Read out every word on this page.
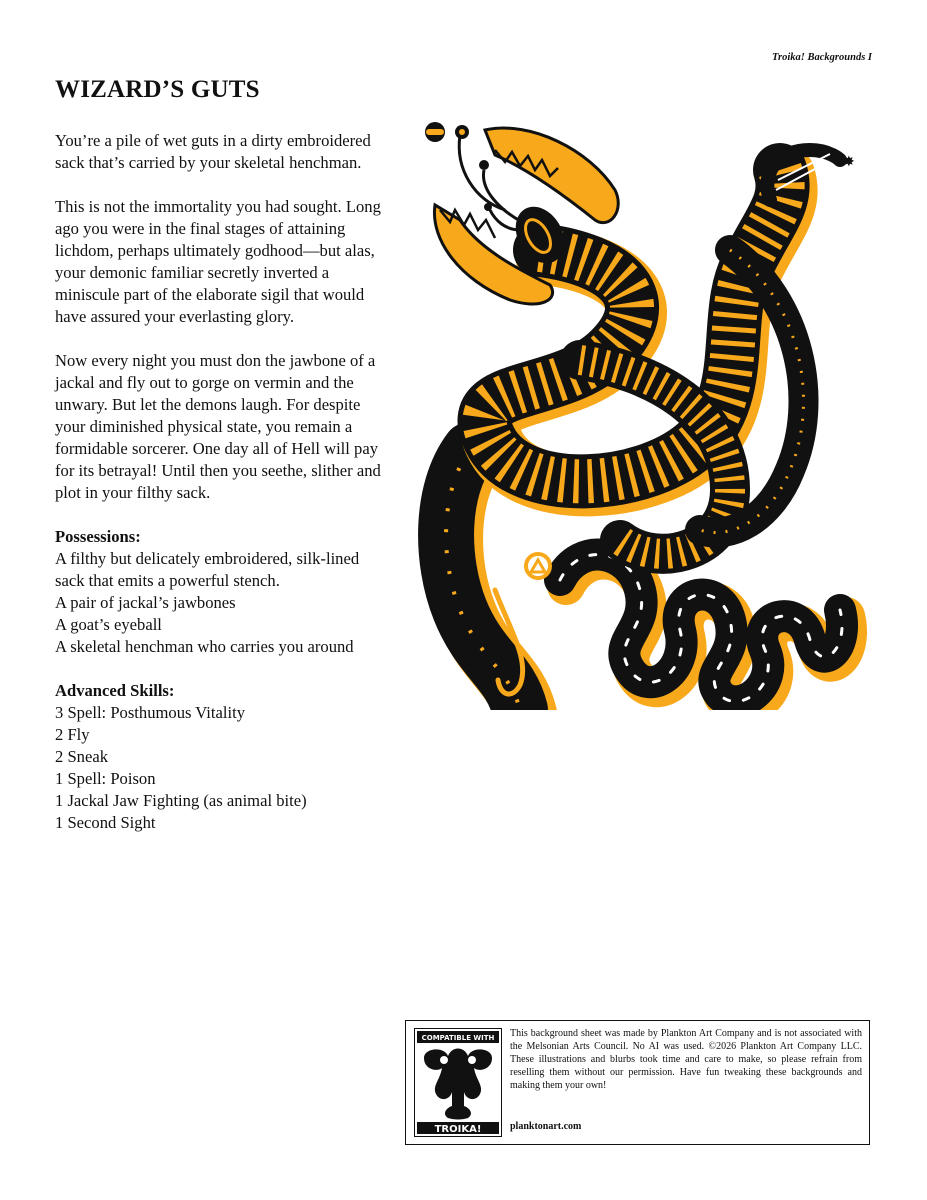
Troika! Backgrounds I
WIZARD’S GUTS

You’re a pile of wet guts in a dirty embroidered sack that’s carried by your skeletal henchman.

This is not the immortality you had sought. Long ago you were in the final stages of attaining lichdom, perhaps ultimately godhood—but alas, your demonic familiar secretly inverted a miniscule part of the elaborate sigil that would have assured your everlasting glory.

Now every night you must don the jawbone of a jackal and fly out to gorge on vermin and the unwary. But let the demons laugh. For despite your diminished physical state, you remain a formidable sorcerer. One day all of Hell will pay for its betrayal! Until then you seethe, slither and plot in your filthy sack.

Possessions:
A filthy but delicately embroidered, silk-lined sack that emits a powerful stench.
A pair of jackal’s jawbones
A goat’s eyeball
A skeletal henchman who carries you around
Advanced Skills:
3 Spell: Posthumous Vitality
2 Fly
2 Sneak
1 Spell: Poison
1 Jackal Jaw Fighting (as animal bite)
1 Second Sight
✸
COMPATIBLE WITH
TROIKA!

This background sheet was made by Plankton Art Company and is not associated with the Melsonian Arts Council. No AI was used. ©2026 Plankton Art Company LLC. These illustrations and blurbs took time and care to make, so please refrain from reselling them without our permission. Have fun tweaking these backgrounds and making them your own!

planktonart.com
